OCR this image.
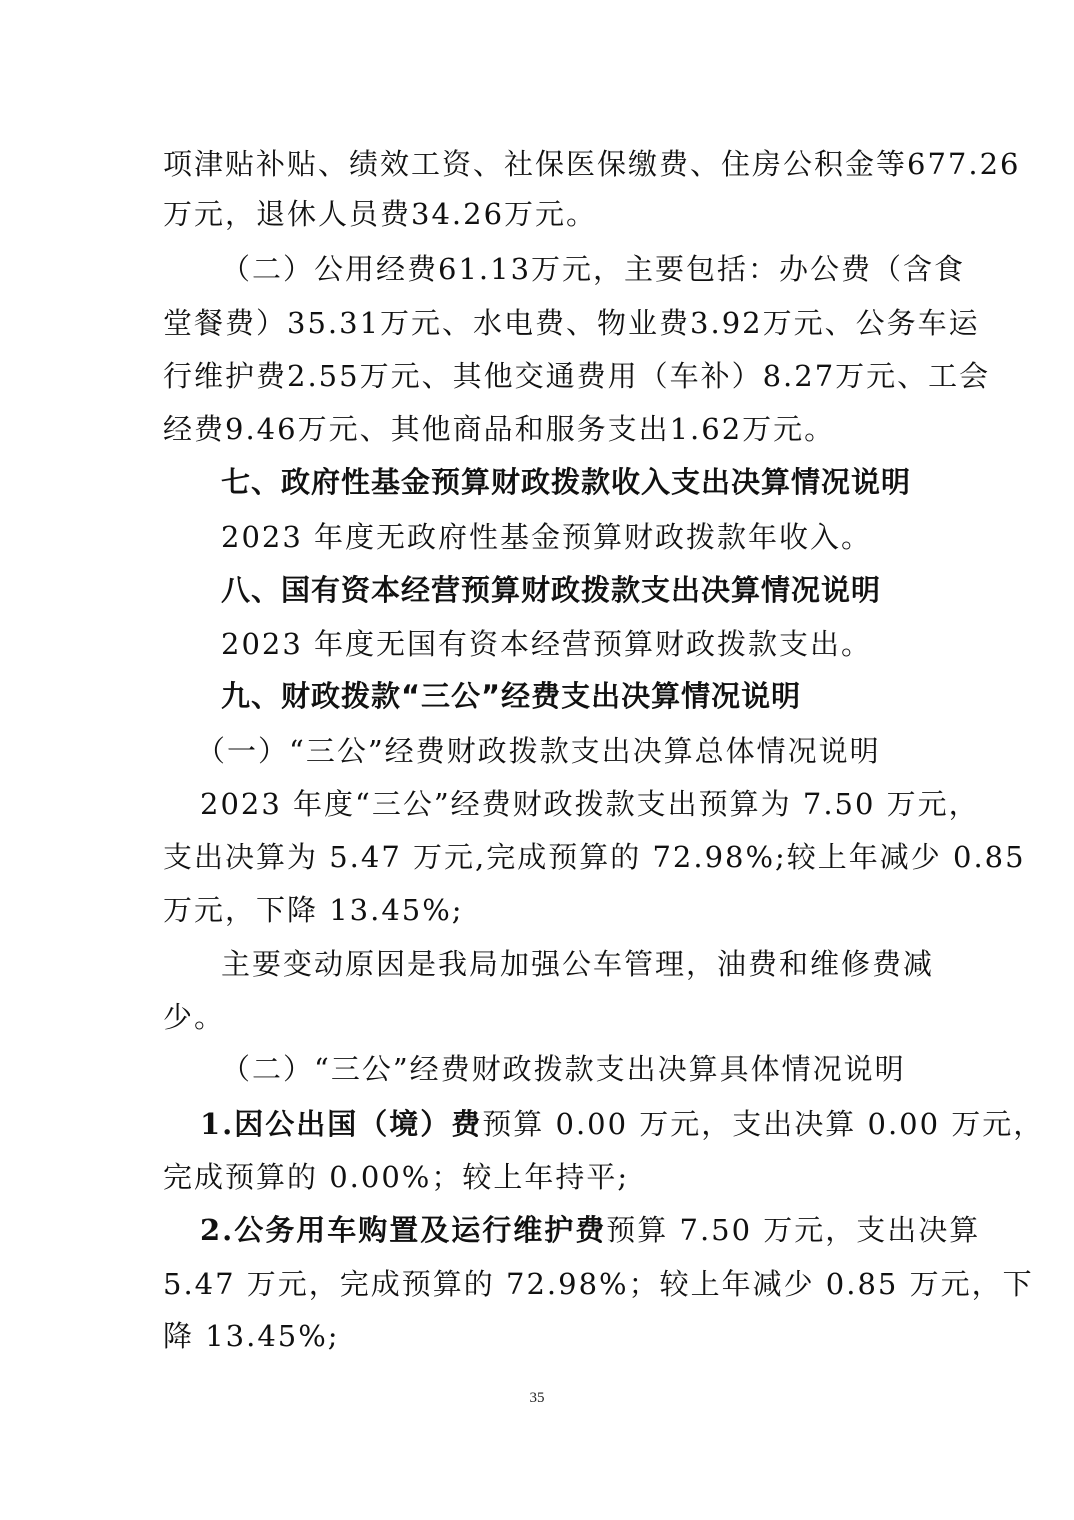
项津贴补贴、绩效工资、社保医保缴费、住房公积金等677.26
万元，退休人员费34.26万元。
（二）公用经费61.13万元，主要包括：办公费（含食
堂餐费）35.31万元、水电费、物业费3.92万元、公务车运
行维护费2.55万元、其他交通费用（车补）8.27万元、工会
经费9.46万元、其他商品和服务支出1.62万元。
七、政府性基金预算财政拨款收入支出决算情况说明
2023 年度无政府性基金预算财政拨款年收入。
八、国有资本经营预算财政拨款支出决算情况说明
2023 年度无国有资本经营预算财政拨款支出。
九、财政拨款“三公”经费支出决算情况说明
（一）“三公”经费财政拨款支出决算总体情况说明
2023 年度“三公”经费财政拨款支出预算为 7.50 万元，
支出决算为 5.47 万元,完成预算的 72.98%;较上年减少 0.85
万元，下降 13.45%;
主要变动原因是我局加强公车管理，油费和维修费减
少。
（二）“三公”经费财政拨款支出决算具体情况说明
1.因公出国（境）费预算 0.00 万元，支出决算 0.00 万元，
完成预算的 0.00%；较上年持平;
2.公务用车购置及运行维护费预算 7.50 万元，支出决算
5.47 万元，完成预算的 72.98%；较上年减少 0.85 万元，下
降 13.45%;
35
